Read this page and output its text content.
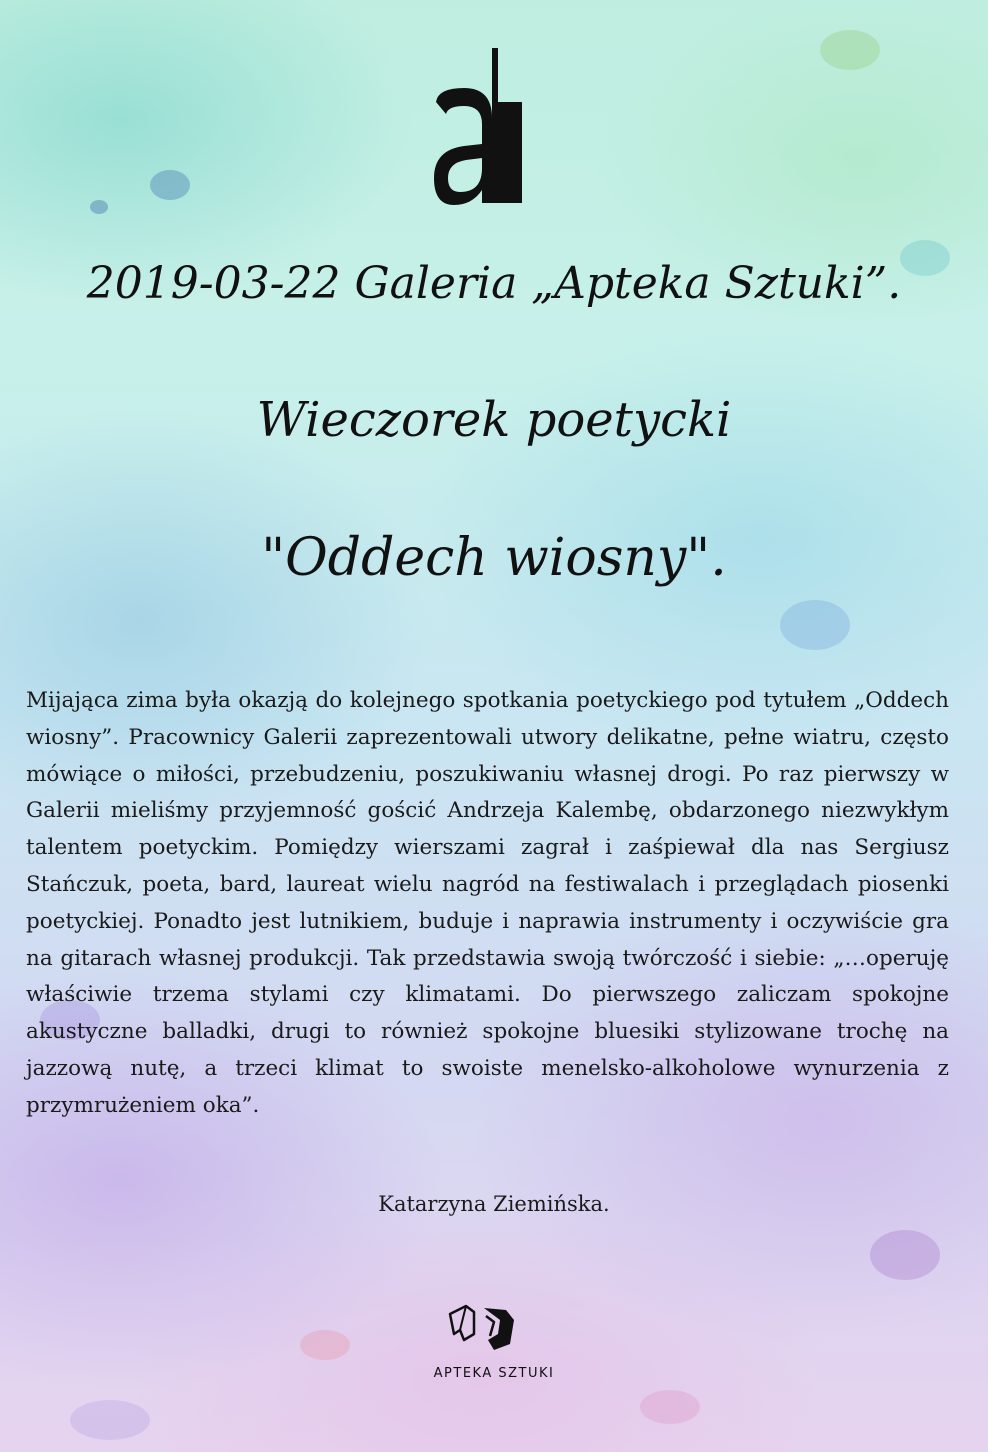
2019-03-22 Galeria „Apteka Sztuki”.
Wieczorek poetycki
"Oddech wiosny".

Mijająca zima była okazją do kolejnego spotkania poetyckiego pod tytułem „Oddech wiosny”. Pracownicy Galerii zaprezentowali utwory delikatne, pełne wiatru, często mówiące o miłości, przebudzeniu, poszukiwaniu własnej drogi. Po raz pierwszy w Galerii mieliśmy przyjemność gościć Andrzeja Kalembę, obdarzonego niezwykłym talentem poetyckim. Pomiędzy wierszami zagrał i zaśpiewał dla nas Sergiusz Stańczuk, poeta, bard, laureat wielu nagród na festiwalach i przeglądach piosenki poetyckiej. Ponadto jest lutnikiem, buduje i naprawia instrumenty i oczywiście gra na gitarach własnej produkcji. Tak przedstawia swoją twórczość i siebie: „…operuję właściwie trzema stylami czy klimatami. Do pierwszego zaliczam spokojne akustyczne balladki, drugi to również spokojne bluesiki stylizowane trochę na jazzową nutę, a trzeci klimat to swoiste menelsko-alkoholowe wynurzenia z przymrużeniem oka”.

Katarzyna Ziemińska.

APTEKA SZTUKI
